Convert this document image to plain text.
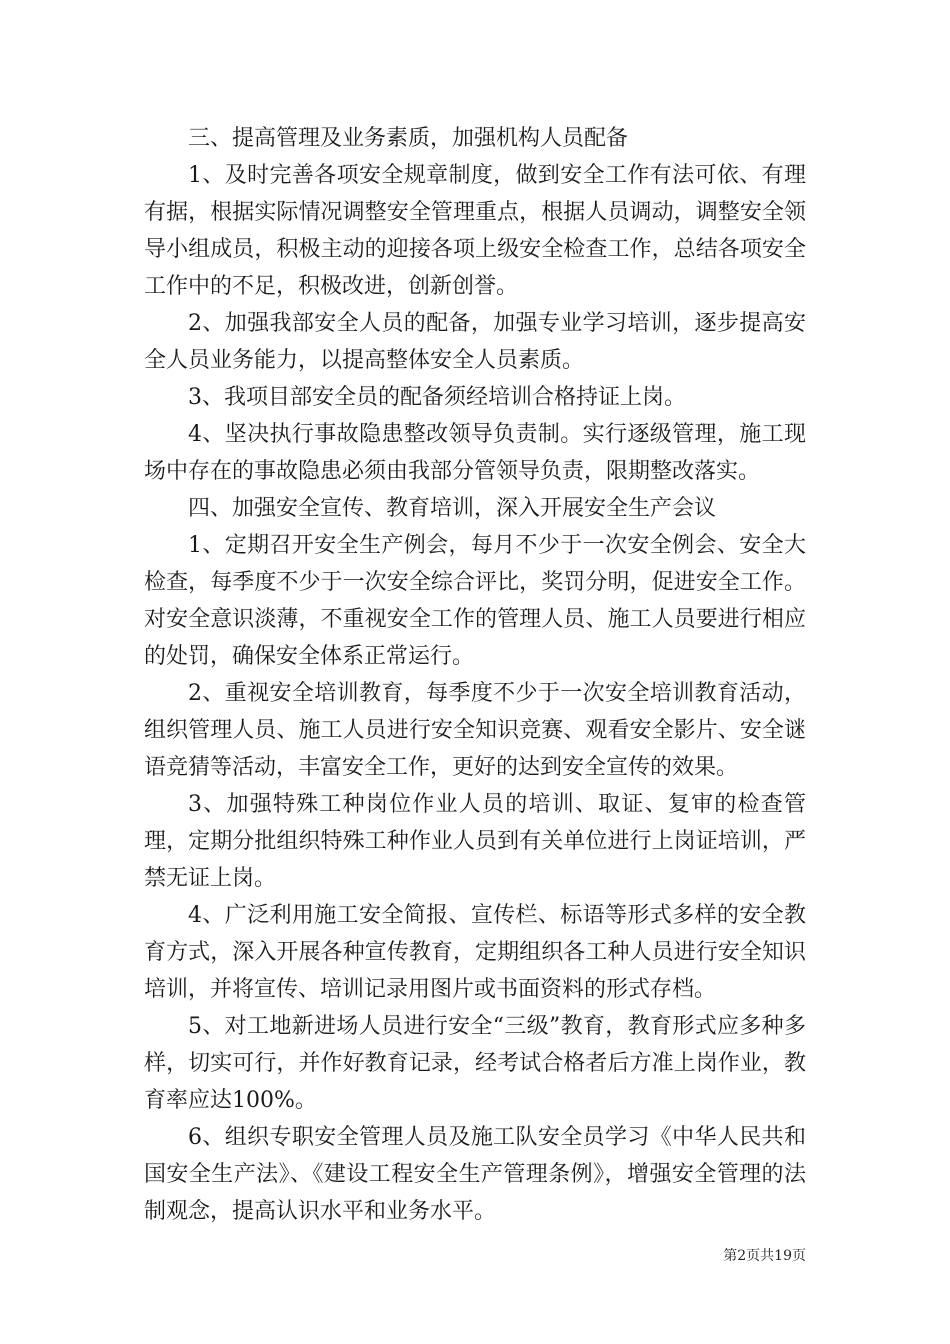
三、提高管理及业务素质，加强机构人员配备

1、及时完善各项安全规章制度，做到安全工作有法可依、有理有据，根据实际情况调整安全管理重点，根据人员调动，调整安全领导小组成员，积极主动的迎接各项上级安全检查工作，总结各项安全工作中的不足，积极改进，创新创誉。

2、加强我部安全人员的配备，加强专业学习培训，逐步提高安全人员业务能力，以提高整体安全人员素质。

3、我项目部安全员的配备须经培训合格持证上岗。

4、坚决执行事故隐患整改领导负责制。实行逐级管理，施工现场中存在的事故隐患必须由我部分管领导负责，限期整改落实。

四、加强安全宣传、教育培训，深入开展安全生产会议

1、定期召开安全生产例会，每月不少于一次安全例会、安全大检查，每季度不少于一次安全综合评比，奖罚分明，促进安全工作。对安全意识淡薄，不重视安全工作的管理人员、施工人员要进行相应的处罚，确保安全体系正常运行。

2、重视安全培训教育，每季度不少于一次安全培训教育活动，组织管理人员、施工人员进行安全知识竞赛、观看安全影片、安全谜语竞猜等活动，丰富安全工作，更好的达到安全宣传的效果。

3、加强特殊工种岗位作业人员的培训、取证、复审的检查管理，定期分批组织特殊工种作业人员到有关单位进行上岗证培训，严禁无证上岗。

4、广泛利用施工安全简报、宣传栏、标语等形式多样的安全教育方式，深入开展各种宣传教育，定期组织各工种人员进行安全知识培训，并将宣传、培训记录用图片或书面资料的形式存档。

5、对工地新进场人员进行安全“三级”教育，教育形式应多种多样，切实可行，并作好教育记录，经考试合格者后方准上岗作业，教育率应达100%。

6、组织专职安全管理人员及施工队安全员学习《中华人民共和国安全生产法》、《建设工程安全生产管理条例》，增强安全管理的法制观念，提高认识水平和业务水平。

第2页共19页
